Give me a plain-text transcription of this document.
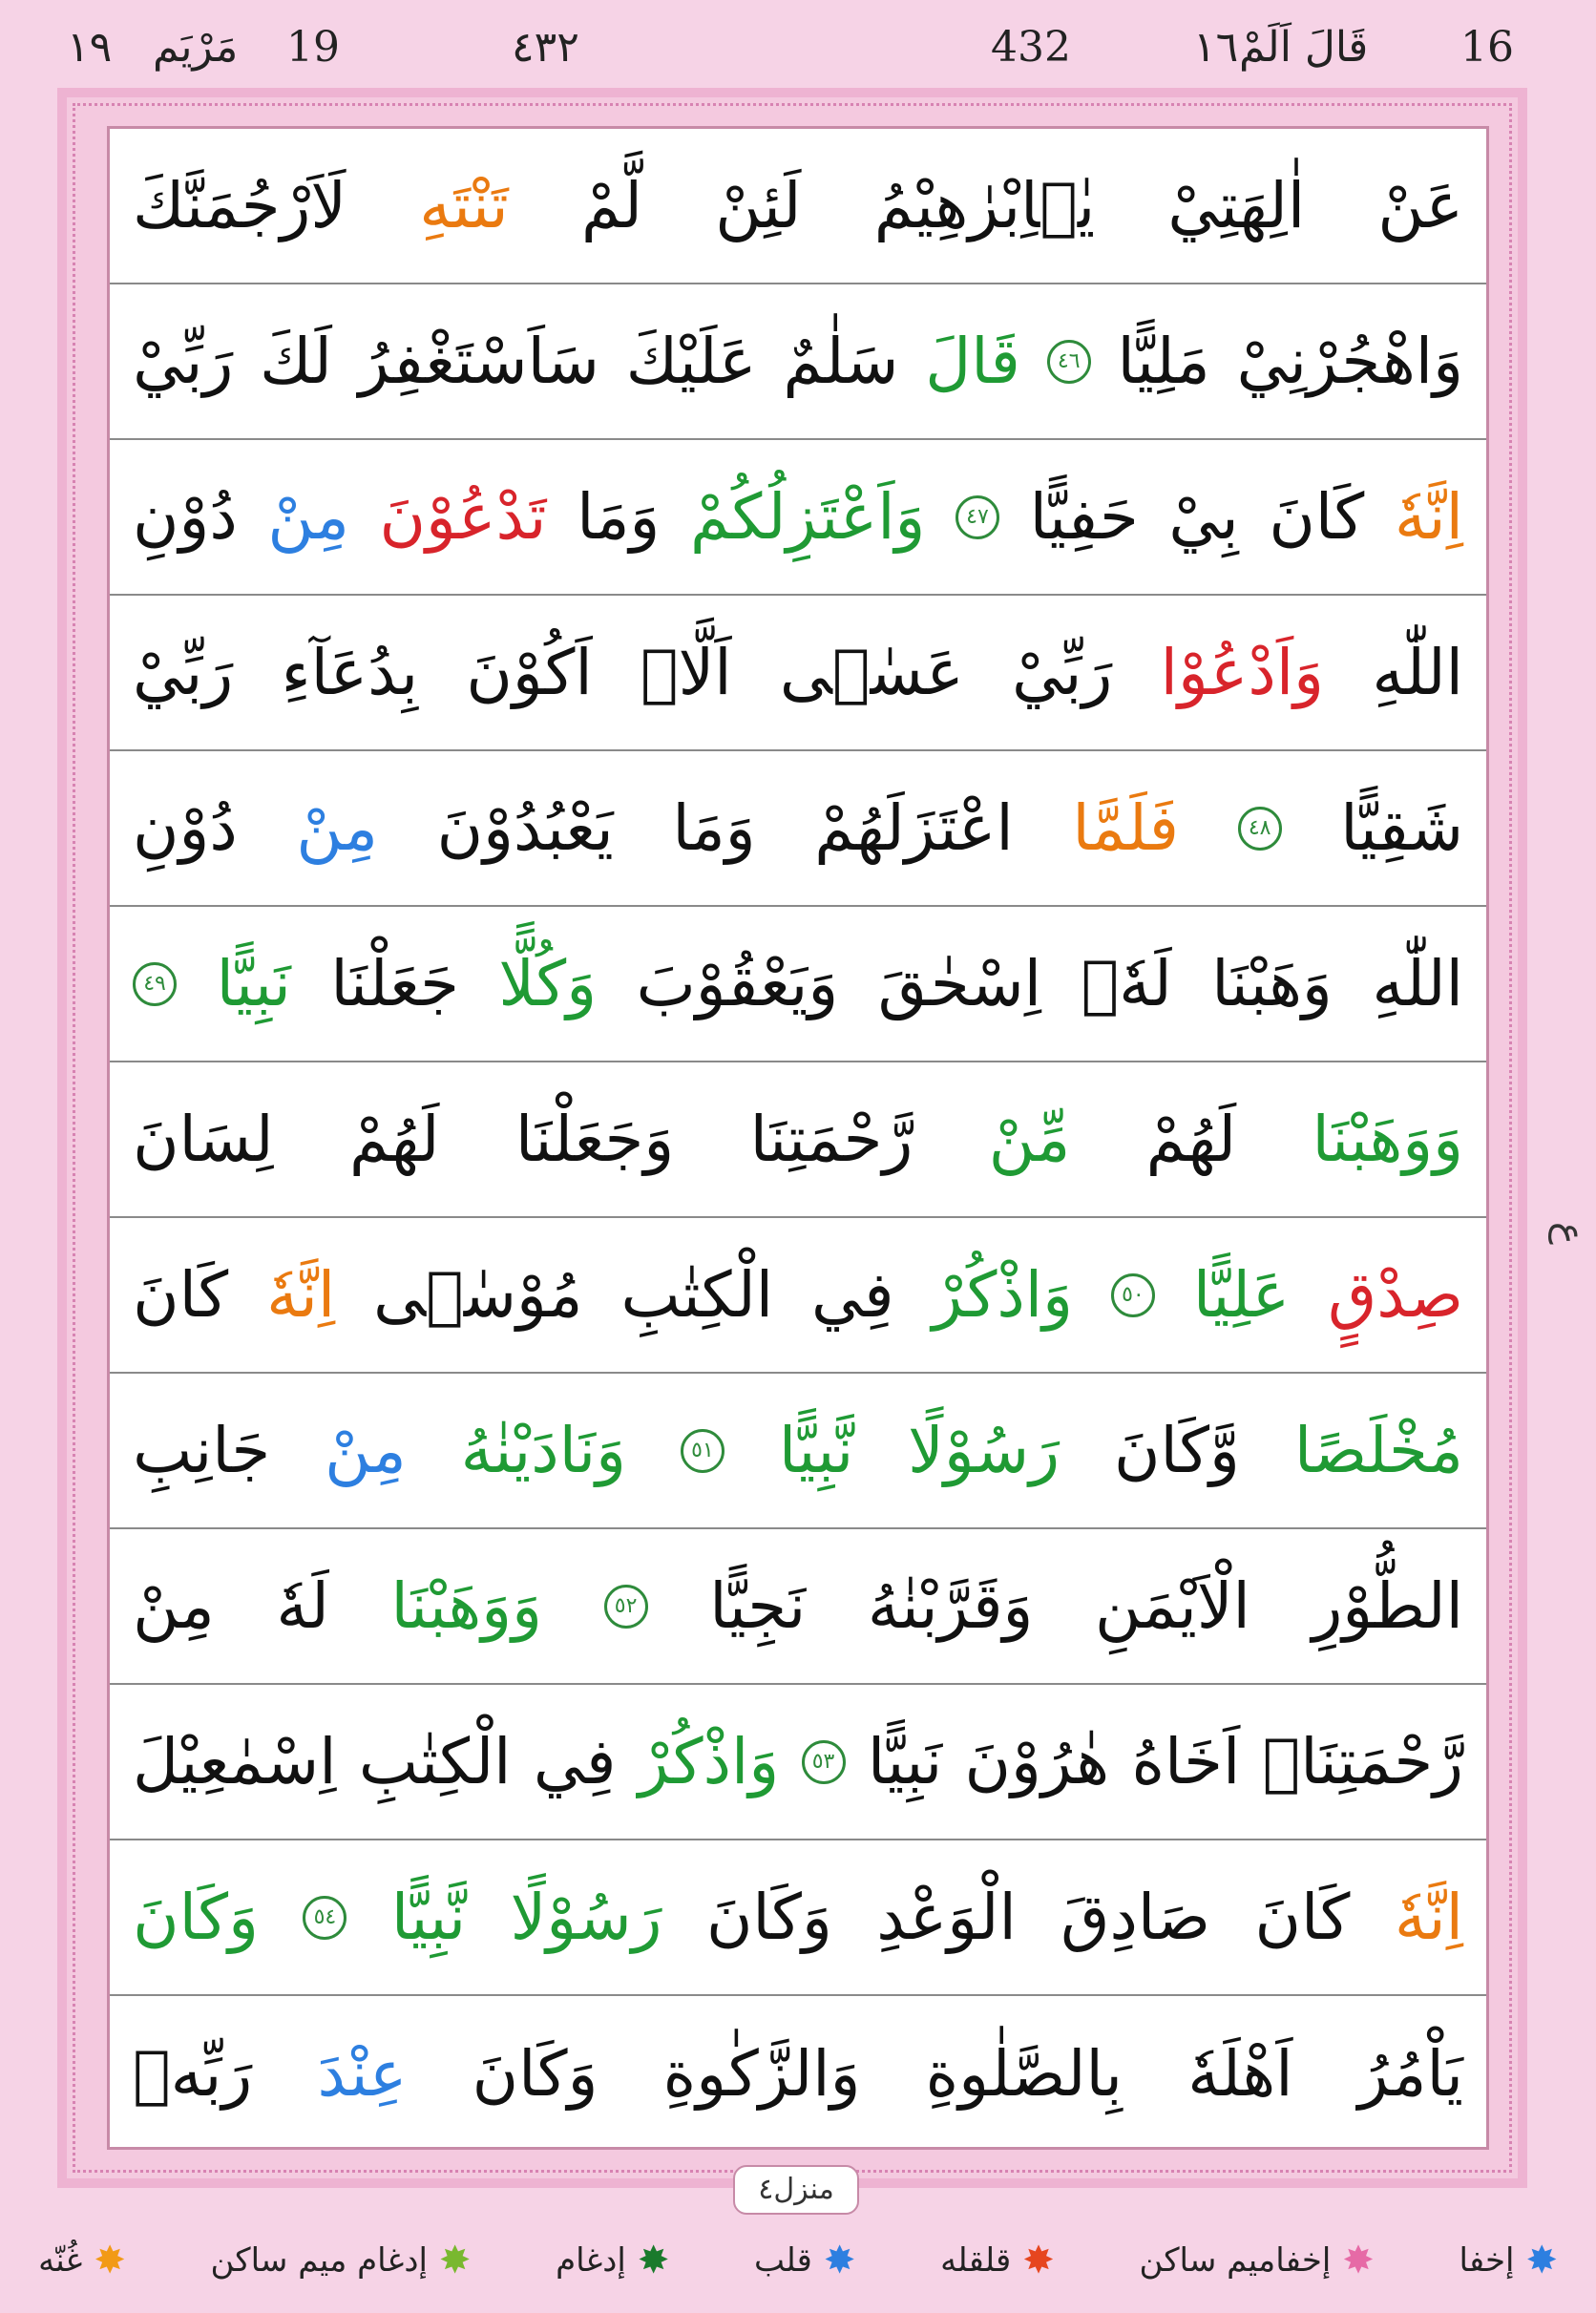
16
قَالَ اَلَمْ
١٦
432
٤٣٢
19
مَرْيَم
١٩
عَنْ
اٰلِهَتِيْ
يٰۤاِبْرٰهِيْمُ
لَئِنْ
لَّمْ
تَنْتَهِ
لَاَرْجُمَنَّكَ
وَاهْجُرْنِيْ
مَلِيًّا
٤٦
قَالَ
سَلٰمٌ
عَلَيْكَ
سَاَسْتَغْفِرُ
لَكَ
رَبِّيْ
اِنَّهٗ
كَانَ
بِيْ
حَفِيًّا
٤٧
وَاَعْتَزِلُكُمْ
وَمَا
تَدْعُوْنَ
مِنْ
دُوْنِ
اللّٰهِ
وَاَدْعُوْا
رَبِّيْ
عَسٰۤى
اَلَّاۤ
اَكُوْنَ
بِدُعَآءِ
رَبِّيْ
شَقِيًّا
٤٨
فَلَمَّا
اعْتَزَلَهُمْ
وَمَا
يَعْبُدُوْنَ
مِنْ
دُوْنِ
اللّٰهِ
وَهَبْنَا
لَهٗۤ
اِسْحٰقَ
وَيَعْقُوْبَ
وَكُلًّا
جَعَلْنَا
نَبِيًّا
٤٩
وَوَهَبْنَا
لَهُمْ
مِّنْ
رَّحْمَتِنَا
وَجَعَلْنَا
لَهُمْ
لِسَانَ
صِدْقٍ
عَلِيًّا
٥٠
وَاذْكُرْ
فِي
الْكِتٰبِ
مُوْسٰۤى
اِنَّهٗ
كَانَ
مُخْلَصًا
وَّكَانَ
رَسُوْلًا
نَّبِيًّا
٥١
وَنَادَيْنٰهُ
مِنْ
جَانِبِ
الطُّوْرِ
الْاَيْمَنِ
وَقَرَّبْنٰهُ
نَجِيًّا
٥٢
وَوَهَبْنَا
لَهٗ
مِنْ
رَّحْمَتِنَاۤ
اَخَاهُ
هٰرُوْنَ
نَبِيًّا
٥٣
وَاذْكُرْ
فِي
الْكِتٰبِ
اِسْمٰعِيْلَ
اِنَّهٗ
كَانَ
صَادِقَ
الْوَعْدِ
وَكَانَ
رَسُوْلًا
نَّبِيًّا
٥٤
وَكَانَ
يَاْمُرُ
اَهْلَهٗ
بِالصَّلٰوةِ
وَالزَّكٰوةِ
وَكَانَ
عِنْدَ
رَبِّهٖ
ع
منزل٤
✸
إخفا
✸
إخفاميم ساكن
✸
قلقله
✸
قلب
✸
إدغام
✸
إدغام ميم ساكن
✸
غُنّه
